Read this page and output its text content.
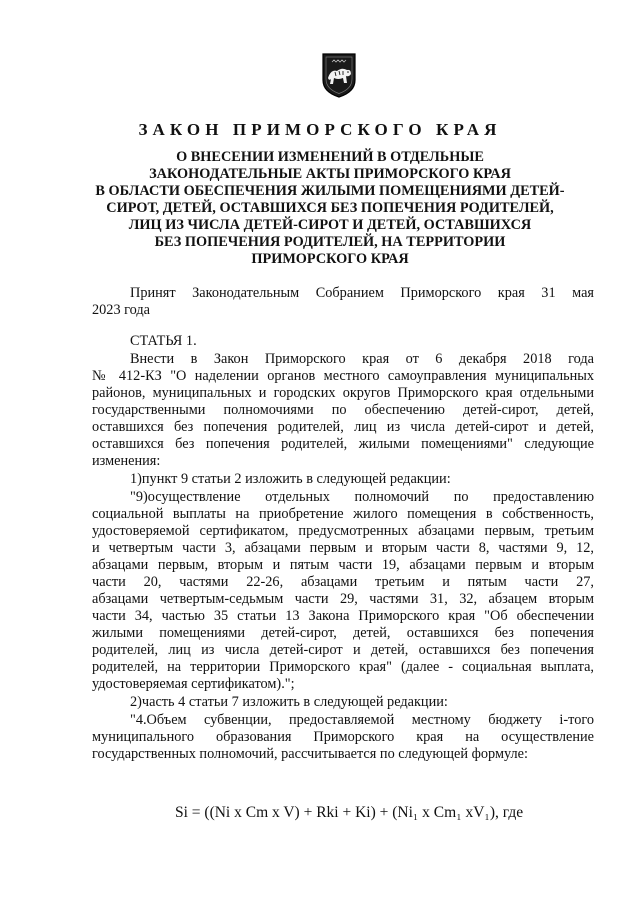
ЗАКОН ПРИМОРСКОГО КРАЯ
О ВНЕСЕНИИ ИЗМЕНЕНИЙ В ОТДЕЛЬНЫЕ
ЗАКОНОДАТЕЛЬНЫЕ АКТЫ ПРИМОРСКОГО КРАЯ
В ОБЛАСТИ ОБЕСПЕЧЕНИЯ ЖИЛЫМИ ПОМЕЩЕНИЯМИ ДЕТЕЙ-
СИРОТ, ДЕТЕЙ, ОСТАВШИХСЯ БЕЗ ПОПЕЧЕНИЯ РОДИТЕЛЕЙ,
ЛИЦ ИЗ ЧИСЛА ДЕТЕЙ-СИРОТ И ДЕТЕЙ, ОСТАВШИХСЯ
БЕЗ ПОПЕЧЕНИЯ РОДИТЕЛЕЙ, НА ТЕРРИТОРИИ
ПРИМОРСКОГО КРАЯ
Принят Законодательным Собранием Приморского края 31 мая
2023 года
СТАТЬЯ 1.
Внести в Закон Приморского края от 6 декабря 2018 года
№ 412-КЗ "О наделении органов местного самоуправления муниципальных
районов, муниципальных и городских округов Приморского края отдельными
государственными полномочиями по обеспечению детей-сирот, детей,
оставшихся без попечения родителей, лиц из числа детей-сирот и детей,
оставшихся без попечения родителей, жилыми помещениями" следующие
изменения:
1)пункт 9 статьи 2 изложить в следующей редакции:
"9)осуществление отдельных полномочий по предоставлению
социальной выплаты на приобретение жилого помещения в собственность,
удостоверяемой сертификатом, предусмотренных абзацами первым, третьим
и четвертым части 3, абзацами первым и вторым части 8, частями 9, 12,
абзацами первым, вторым и пятым части 19, абзацами первым и вторым
части 20, частями 22-26, абзацами третьим и пятым части 27,
абзацами четвертым-седьмым части 29, частями 31, 32, абзацем вторым
части 34, частью 35 статьи 13 Закона Приморского края "Об обеспечении
жилыми помещениями детей-сирот, детей, оставшихся без попечения
родителей, лиц из числа детей-сирот и детей, оставшихся без попечения
родителей, на территории Приморского края" (далее - социальная выплата,
удостоверяемая сертификатом).";
2)часть 4 статьи 7 изложить в следующей редакции:
"4.Объем субвенции, предоставляемой местному бюджету i-того
муниципального образования Приморского края на осуществление
государственных полномочий, рассчитывается по следующей формуле:
Si = ((Ni x Cm x V) + Rki + Ki) + (Ni₁ x Cm₁ xV₁), где
